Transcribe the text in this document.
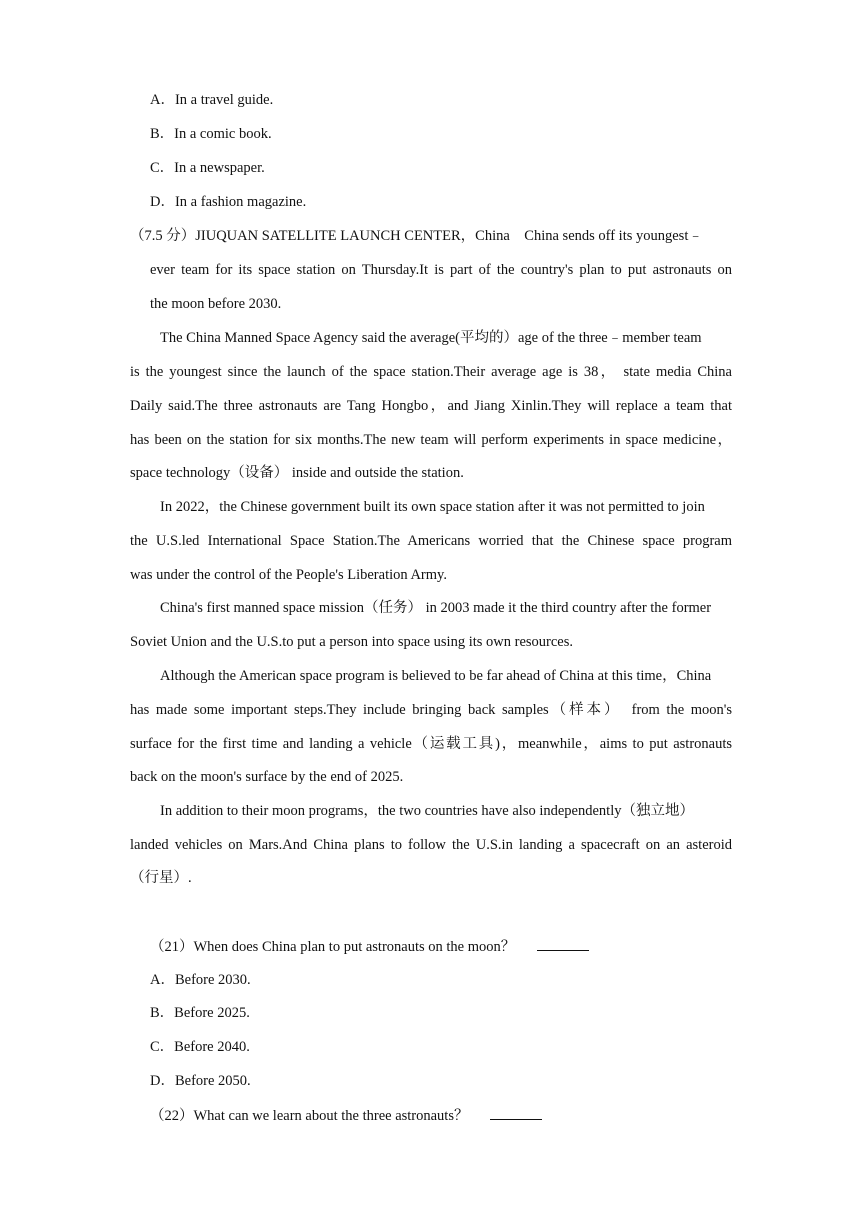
A．In a travel guide.
B．In a comic book.
C．In a newspaper.
D．In a fashion magazine.
（7.5 分）JIUQUAN SATELLITE LAUNCH CENTER，China　China sends off its youngest﹣
ever team for its space station on Thursday.It is part of the country's plan to put astronauts on
the moon before 2030.
The China Manned Space Agency said the average(平均的）age of the three﹣member team
is the youngest since the launch of the space station.Their average age is 38， state media China
Daily said.The three astronauts are Tang Hongbo，and Jiang Xinlin.They will replace a team that
has been on the station for six months.The new team will perform experiments in space medicine，
space technology（设备） inside and outside the station.
In 2022，the Chinese government built its own space station after it was not permitted to join
the U.S.led International Space Station.The Americans worried that the Chinese space program
was under the control of the People's Liberation Army.
China's first manned space mission（任务） in 2003 made it the third country after the former
Soviet Union and the U.S.to put a person into space using its own resources.
Although the American space program is believed to be far ahead of China at this time，China
has made some important steps.They include bringing back samples（样本）　from the moon's
surface for the first time and landing a vehicle（运载工具)，meanwhile，aims to put astronauts
back on the moon's surface by the end of 2025.
In addition to their moon programs，the two countries have also independently（独立地）
landed vehicles on Mars.And China plans to follow the U.S.in landing a spacecraft on an asteroid
（行星）.
（21）When does China plan to put astronauts on the moon？
A．Before 2030.
B．Before 2025.
C．Before 2040.
D．Before 2050.
（22）What can we learn about the three astronauts？
